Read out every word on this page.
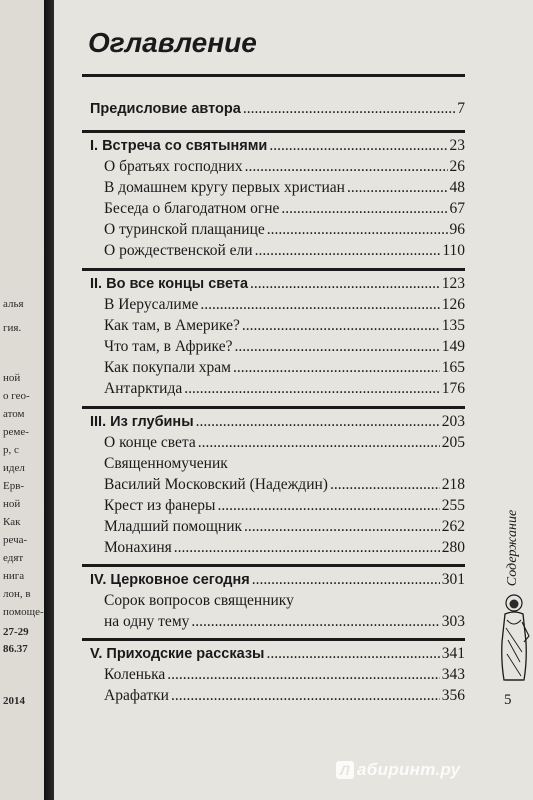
алья
гия.
ной
о гео-
атом
реме-
р, с
идел
Ерв-
ной
Как
реча-
едят
нига
лон, в
помоще-
27-29
86.37
2014
Оглавление
Предисловие автора .....	7
I. Встреча со святынями .....	23
О братьях господних .....	26
В домашнем кругу первых христиан .....	48
Беседа о благодатном огне .....	67
О туринской плащанице .....	96
О рождественской ели .....	110
II. Во все концы света .....	123
В Иерусалиме .....	126
Как там, в Америке? .....	135
Что там, в Африке? .....	149
Как покупали храм .....	165
Антарктида .....	176
III. Из глубины .....	203
О конце света .....	205
Священномученик
Василий Московский (Надеждин) .....	218
Крест из фанеры .....	255
Младший помощник .....	262
Монахиня .....	280
IV. Церковное сегодня .....	301
Сорок вопросов священнику
на одну тему .....	303
V. Приходские рассказы .....	341
Коленька .....	343
Арафатки .....	356
Содержание
5
Л абиринт.ру
